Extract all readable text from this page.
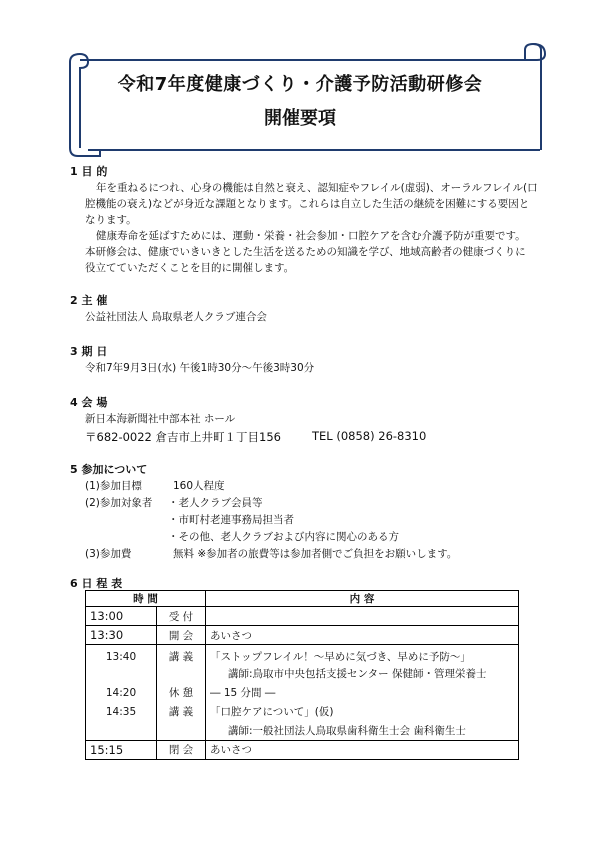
令和7年度健康づくり・介護予防活動研修会
開催要項
1 目 的
年を重ねるにつれ、心身の機能は自然と衰え、認知症やフレイル(虚弱)、オーラルフレイル(口
腔機能の衰え)などが身近な課題となります。これらは自立した生活の継続を困難にする要因と
なります。
健康寿命を延ばすためには、運動・栄養・社会参加・口腔ケアを含む介護予防が重要です。
本研修会は、健康でいきいきとした生活を送るための知識を学び、地域高齢者の健康づくりに
役立てていただくことを目的に開催します。
2 主 催
公益社団法人 鳥取県老人クラブ連合会
3 期 日
令和7年9月3日(水) 午後1時30分～午後3時30分
4 会 場
新日本海新聞社中部本社 ホール
〒682-0022 倉吉市上井町１丁目156	TEL (0858) 26-8310
5 参加について
(1)参加目標	160人程度
(2)参加対象者 ・老人クラブ会員等
・市町村老連事務局担当者
・その他、老人クラブおよび内容に関心のある方
(3)参加費	無料 ※参加者の旅費等は参加者側でご負担をお願いします。
6 日 程 表
時 間		内 容
13:00	受 付	
13:30	開 会	あいさつ
13:40	講 義	「ストップフレイル！～早めに気づき、早めに予防～」
		講師:鳥取市中央包括支援センター 保健師・管理栄養士
14:20	休 憩	― 15 分間 ―
14:35	講 義	「口腔ケアについて」(仮)
		講師:一般社団法人鳥取県歯科衛生士会 歯科衛生士
15:15	閉 会	あいさつ
